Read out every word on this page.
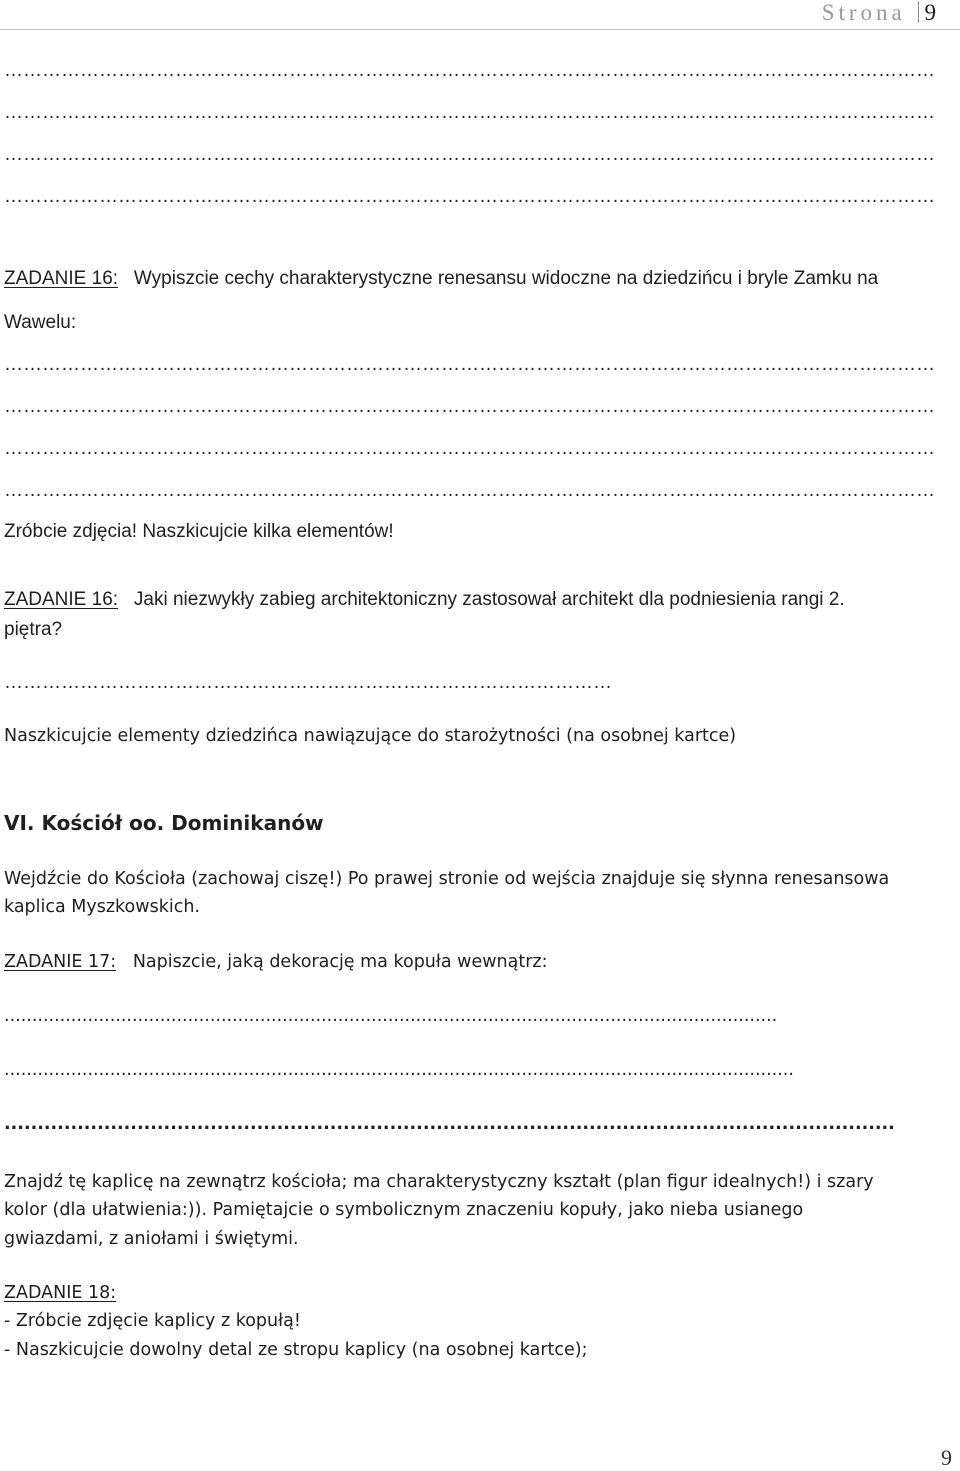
Strona 9
…………………………………………………………………………………………………………………………………
…………………………………………………………………………………………………………………………………
…………………………………………………………………………………………………………………………………
…………………………………………………………………………………………………………………………………
ZADANIE 16: Wypiszcie cechy charakterystyczne renesansu widoczne na dziedzińcu i bryle Zamku na
Wawelu:
…………………………………………………………………………………………………………………………………
…………………………………………………………………………………………………………………………………
…………………………………………………………………………………………………………………………………
…………………………………………………………………………………………………………………………………
Zróbcie zdjęcia! Naszkicujcie kilka elementów!
ZADANIE 16: Jaki niezwykły zabieg architektoniczny zastosował architekt dla podniesienia rangi 2.
piętra?
……………………………………………………………………………………
Naszkicujcie elementy dziedzińca nawiązujące do starożytności (na osobnej kartce)
VI. Kościół oo. Dominikanów
Wejdźcie do Kościoła (zachowaj ciszę!) Po prawej stronie od wejścia znajduje się słynna renesansowa
kaplica Myszkowskich.
ZADANIE 17: Napiszcie, jaką dekorację ma kopuła wewnątrz:
...........................................................................................................................................
..............................................................................................................................................
......................................................................................................................................
Znajdź tę kaplicę na zewnątrz kościoła; ma charakterystyczny kształt (plan figur idealnych!) i szary
kolor (dla ułatwienia:)). Pamiętajcie o symbolicznym znaczeniu kopuły, jako nieba usianego
gwiazdami, z aniołami i świętymi.
ZADANIE 18:
- Zróbcie zdjęcie kaplicy z kopułą!
- Naszkicujcie dowolny detal ze stropu kaplicy (na osobnej kartce);
9
